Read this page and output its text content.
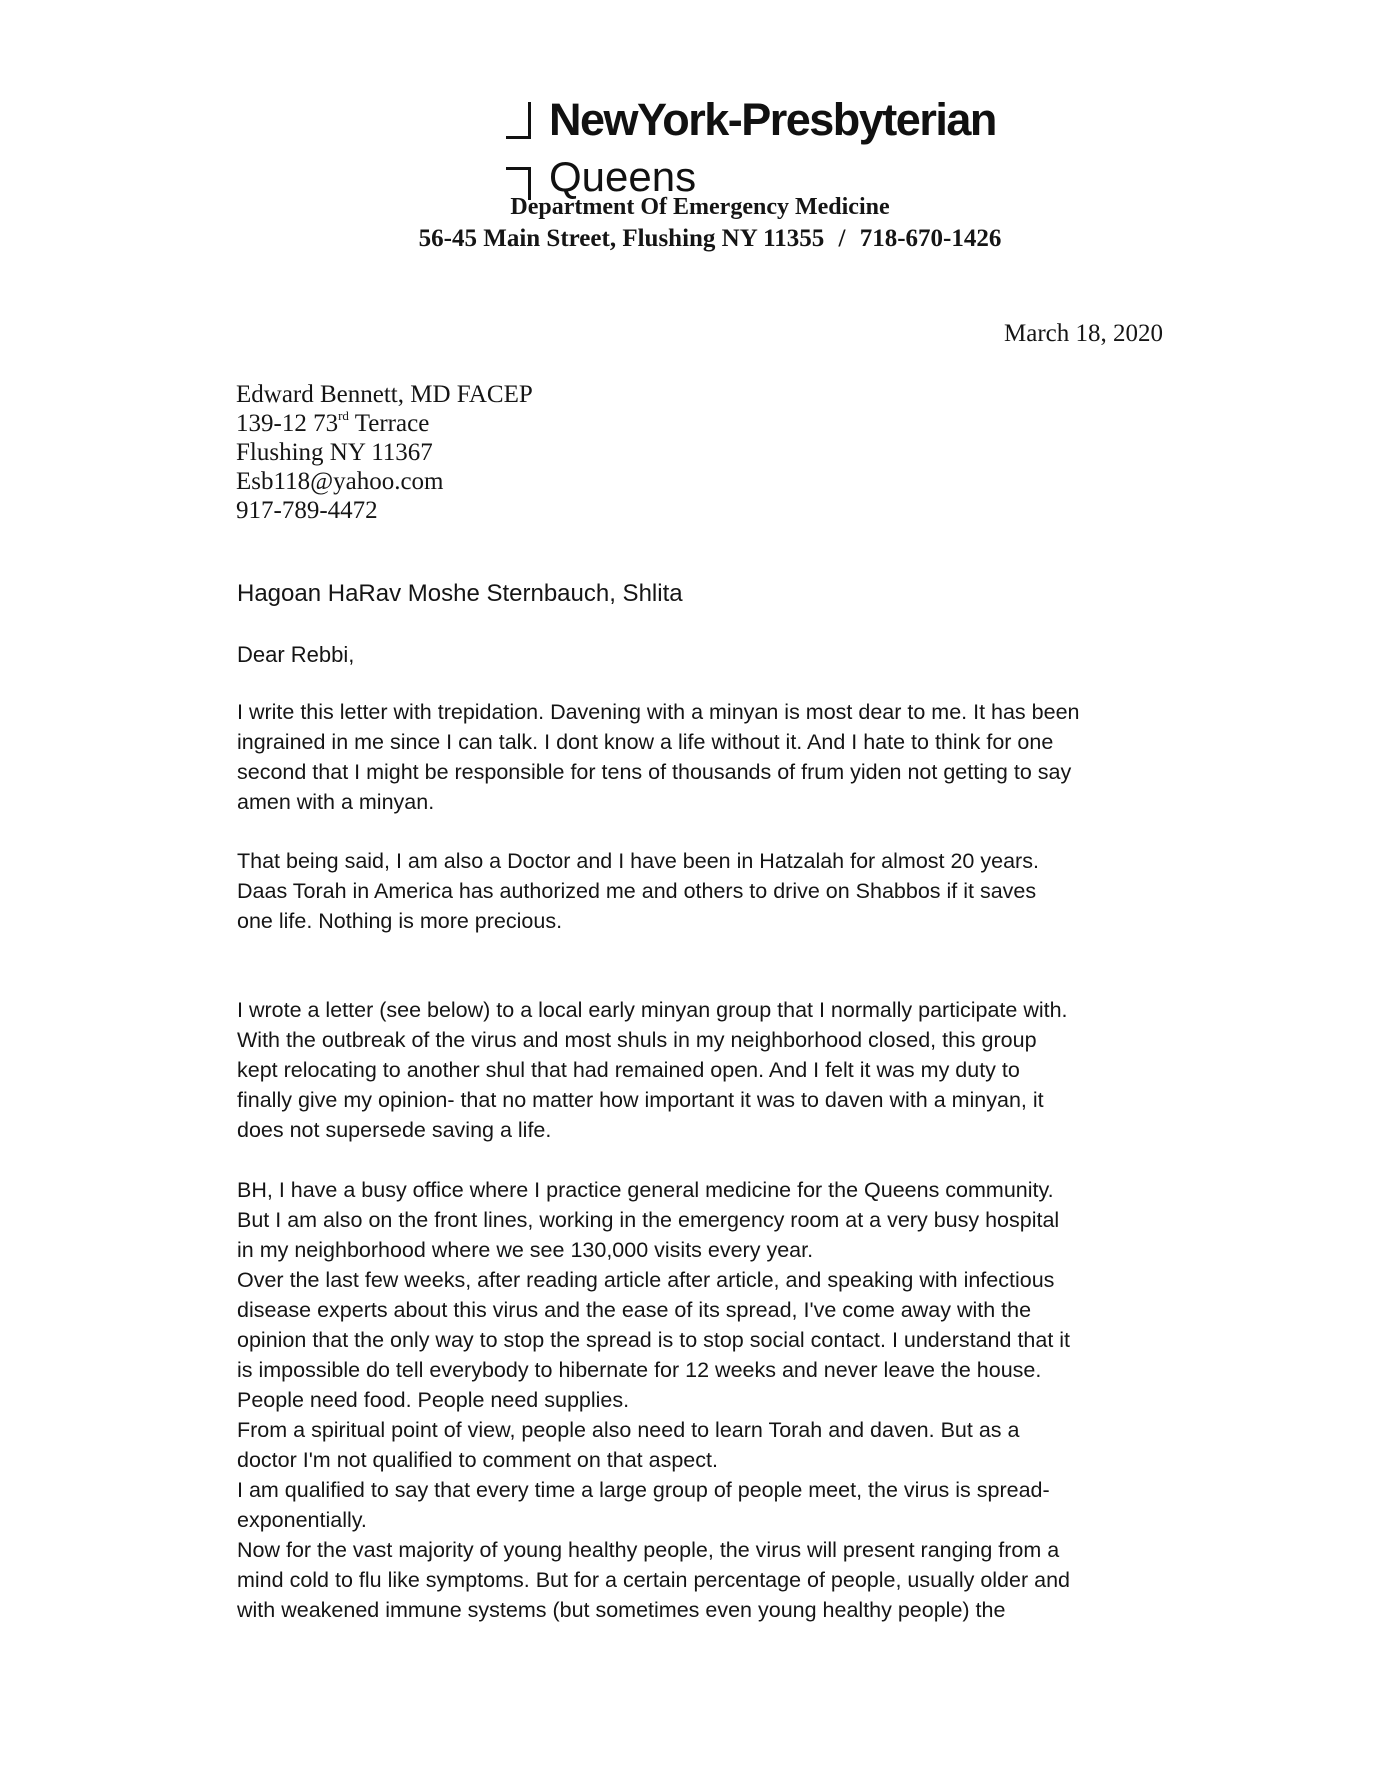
NewYork-Presbyterian
Queens
Department Of Emergency Medicine
56-45 Main Street, Flushing NY 11355 / 718-670-1426
March 18, 2020
Edward Bennett, MD FACEP
139-12 73rd Terrace
Flushing NY 11367
Esb118@yahoo.com
917-789-4472
Hagoan HaRav Moshe Sternbauch, Shlita
Dear Rebbi,
I write this letter with trepidation. Davening with a minyan is most dear to me. It has been
ingrained in me since I can talk. I dont know a life without it. And I hate to think for one
second that I might be responsible for tens of thousands of frum yiden not getting to say
amen with a minyan.
That being said, I am also a Doctor and I have been in Hatzalah for almost 20 years.
Daas Torah in America has authorized me and others to drive on Shabbos if it saves
one life. Nothing is more precious.
I wrote a letter (see below) to a local early minyan group that I normally participate with.
With the outbreak of the virus and most shuls in my neighborhood closed, this group
kept relocating to another shul that had remained open. And I felt it was my duty to
finally give my opinion- that no matter how important it was to daven with a minyan, it
does not supersede saving a life.
BH, I have a busy office where I practice general medicine for the Queens community.
But I am also on the front lines, working in the emergency room at a very busy hospital
in my neighborhood where we see 130,000 visits every year.
Over the last few weeks, after reading article after article, and speaking with infectious
disease experts about this virus and the ease of its spread, I've come away with the
opinion that the only way to stop the spread is to stop social contact. I understand that it
is impossible do tell everybody to hibernate for 12 weeks and never leave the house.
People need food. People need supplies.
From a spiritual point of view, people also need to learn Torah and daven. But as a
doctor I'm not qualified to comment on that aspect.
I am qualified to say that every time a large group of people meet, the virus is spread-
exponentially.
Now for the vast majority of young healthy people, the virus will present ranging from a
mind cold to flu like symptoms. But for a certain percentage of people, usually older and
with weakened immune systems (but sometimes even young healthy people) the
